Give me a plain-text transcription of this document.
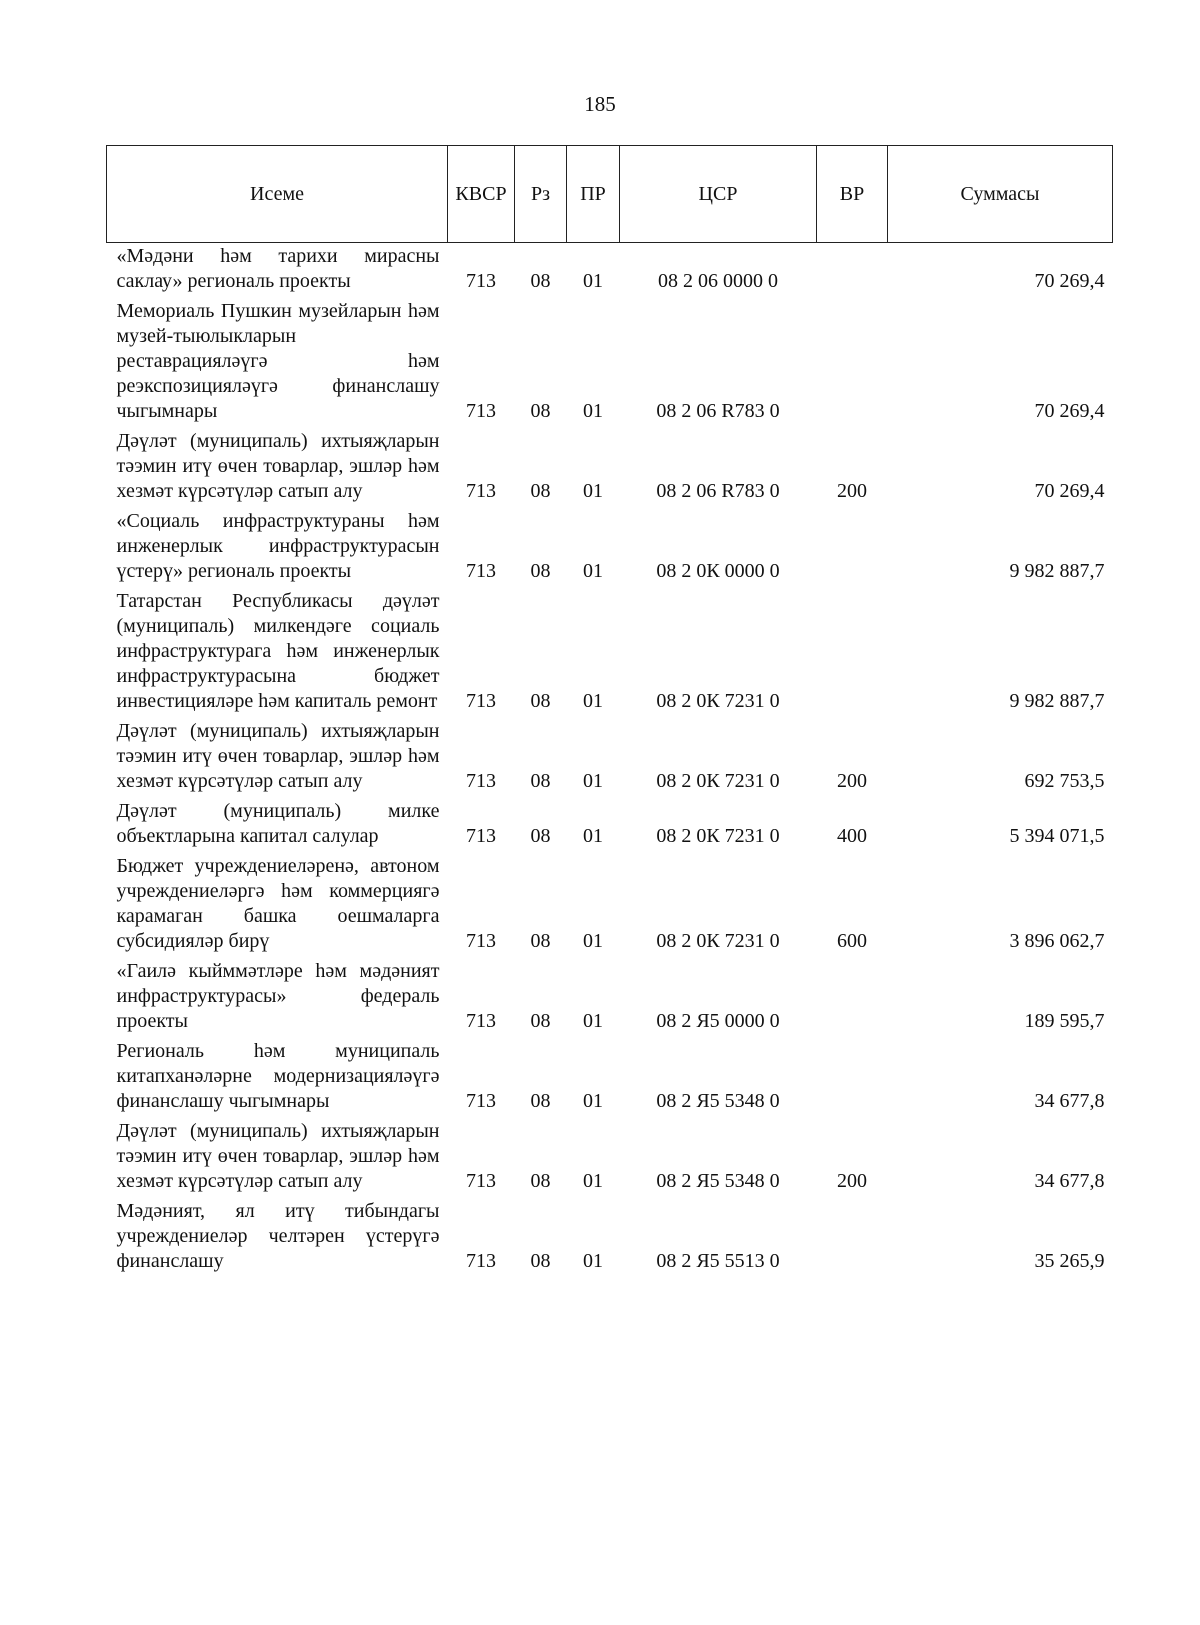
185
Исеме	КВСР	Рз	ПР	ЦСР	ВР	Суммасы
«Мәдәни һәм тарихи мирасны саклау» региональ проекты	713	08	01	08 2 06 0000 0		70 269,4
Мемориаль Пушкин музейларын һәм музей-тыюлыкларын реставрацияләүгә һәм реэкспозицияләүгә финанслашу чыгымнары	713	08	01	08 2 06 R783 0		70 269,4
Дәүләт (муниципаль) ихтыяҗларын тәэмин итү өчен товарлар, эшләр һәм хезмәт күрсәтүләр сатып алу	713	08	01	08 2 06 R783 0	200	70 269,4
«Социаль инфраструктураны һәм инженерлык инфраструктурасын үстерү» региональ проекты	713	08	01	08 2 0К 0000 0		9 982 887,7
Татарстан Республикасы дәүләт (муниципаль) милкендәге социаль инфраструктурага һәм инженерлык инфраструктурасына бюджет инвестицияләре һәм капиталь ремонт	713	08	01	08 2 0К 7231 0		9 982 887,7
Дәүләт (муниципаль) ихтыяҗларын тәэмин итү өчен товарлар, эшләр һәм хезмәт күрсәтүләр сатып алу	713	08	01	08 2 0К 7231 0	200	692 753,5
Дәүләт (муниципаль) милке объектларына капитал салулар	713	08	01	08 2 0К 7231 0	400	5 394 071,5
Бюджет учреждениеләренә, автоном учреждениеләргә һәм коммерциягә карамаган башка оешмаларга субсидияләр бирү	713	08	01	08 2 0К 7231 0	600	3 896 062,7
«Гаилә кыйммәтләре һәм мәдәният инфраструктурасы» федераль проекты	713	08	01	08 2 Я5 0000 0		189 595,7
Региональ һәм муниципаль китапханәләрне модернизацияләүгә финанслашу чыгымнары	713	08	01	08 2 Я5 5348 0		34 677,8
Дәүләт (муниципаль) ихтыяҗларын тәэмин итү өчен товарлар, эшләр һәм хезмәт күрсәтүләр сатып алу	713	08	01	08 2 Я5 5348 0	200	34 677,8
Мәдәният, ял итү тибындагы учреждениеләр челтәрен үстерүгә финанслашу	713	08	01	08 2 Я5 5513 0		35 265,9
